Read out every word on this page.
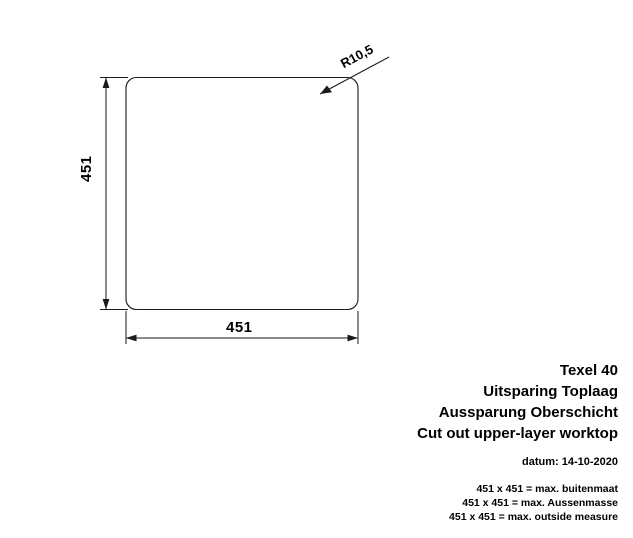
451
451
R10,5
Texel 40
Uitsparing Toplaag
Aussparung Oberschicht
Cut out upper-layer worktop
datum: 14-10-2020
451 x 451 = max. buitenmaat
451 x 451 = max. Aussenmasse
451 x 451 = max. outside measure
